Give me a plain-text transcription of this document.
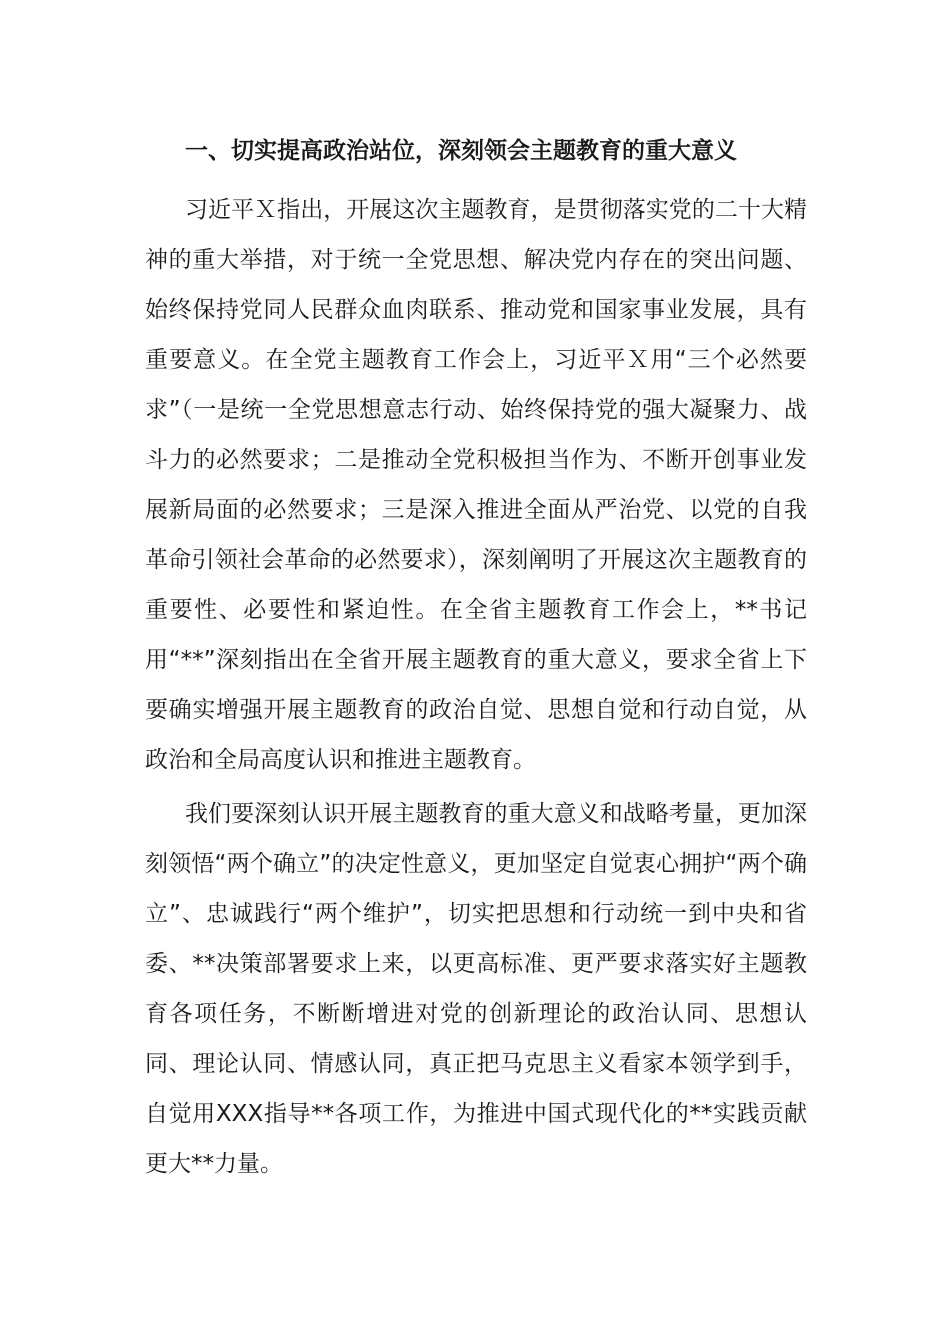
一、切实提高政治站位，深刻领会主题教育的重大意义

习近平Ｘ指出，开展这次主题教育，是贯彻落实党的二十大精神的重大举措，对于统一全党思想、解决党内存在的突出问题、始终保持党同人民群众血肉联系、推动党和国家事业发展，具有重要意义。在全党主题教育工作会上，习近平Ｘ用“三个必然要求”（一是统一全党思想意志行动、始终保持党的强大凝聚力、战斗力的必然要求；二是推动全党积极担当作为、不断开创事业发展新局面的必然要求；三是深入推进全面从严治党、以党的自我革命引领社会革命的必然要求），深刻阐明了开展这次主题教育的重要性、必要性和紧迫性。在全省主题教育工作会上，**书记用“**”深刻指出在全省开展主题教育的重大意义，要求全省上下要确实增强开展主题教育的政治自觉、思想自觉和行动自觉，从政治和全局高度认识和推进主题教育。

我们要深刻认识开展主题教育的重大意义和战略考量，更加深刻领悟“两个确立”的决定性意义，更加坚定自觉衷心拥护“两个确立”、忠诚践行“两个维护”，切实把思想和行动统一到中央和省委、**决策部署要求上来，以更高标准、更严要求落实好主题教育各项任务，不断断增进对党的创新理论的政治认同、思想认同、理论认同、情感认同，真正把马克思主义看家本领学到手，自觉用XXX指导**各项工作，为推进中国式现代化的**实践贡献更大**力量。
